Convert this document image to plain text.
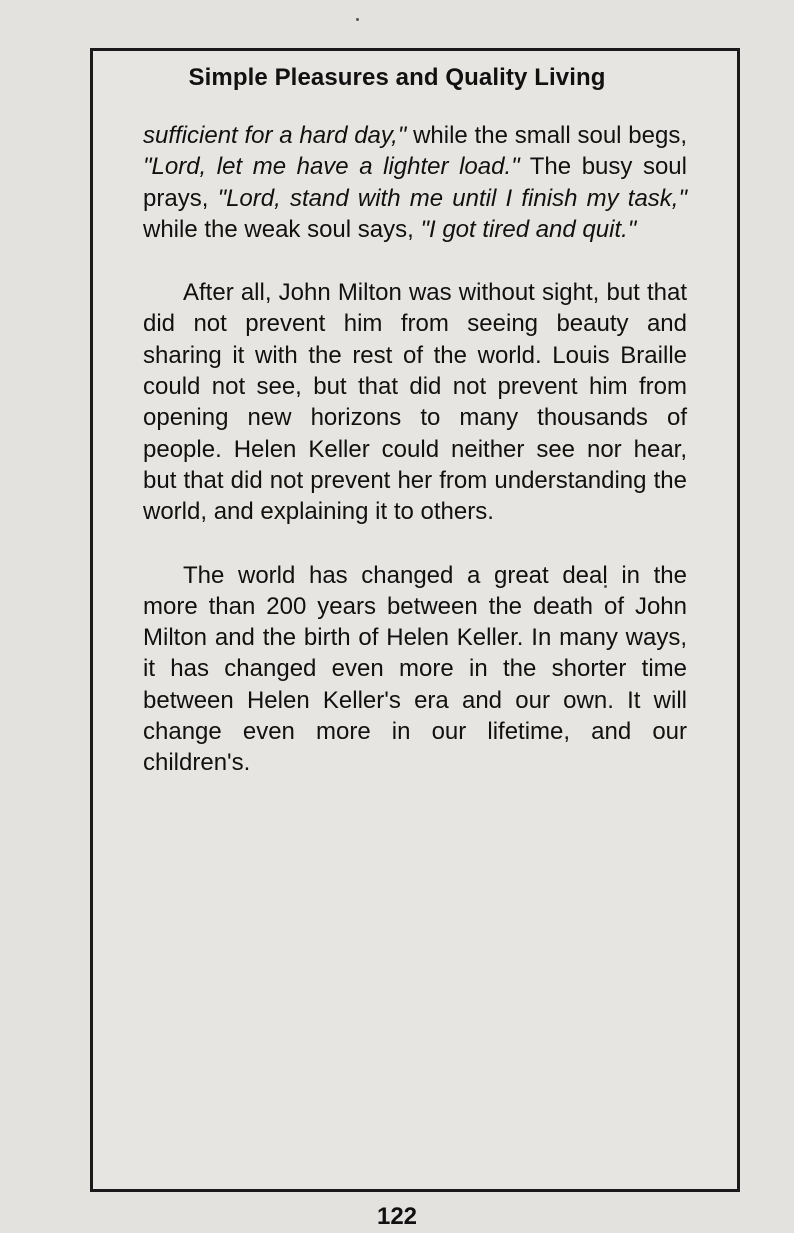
Simple Pleasures and Quality Living

sufficient for a hard day," while the small soul begs, "Lord, let me have a lighter load." The busy soul prays, "Lord, stand with me until I finish my task," while the weak soul says, "I got tired and quit."

After all, John Milton was without sight, but that did not prevent him from seeing beauty and sharing it with the rest of the world. Louis Braille could not see, but that did not prevent him from opening new horizons to many thousands of people. Helen Keller could neither see nor hear, but that did not prevent her from understanding the world, and explaining it to others.

The world has changed a great deal in the more than 200 years between the death of John Milton and the birth of Helen Keller. In many ways, it has changed even more in the shorter time between Helen Keller's era and our own. It will change even more in our lifetime, and our children's.

122
